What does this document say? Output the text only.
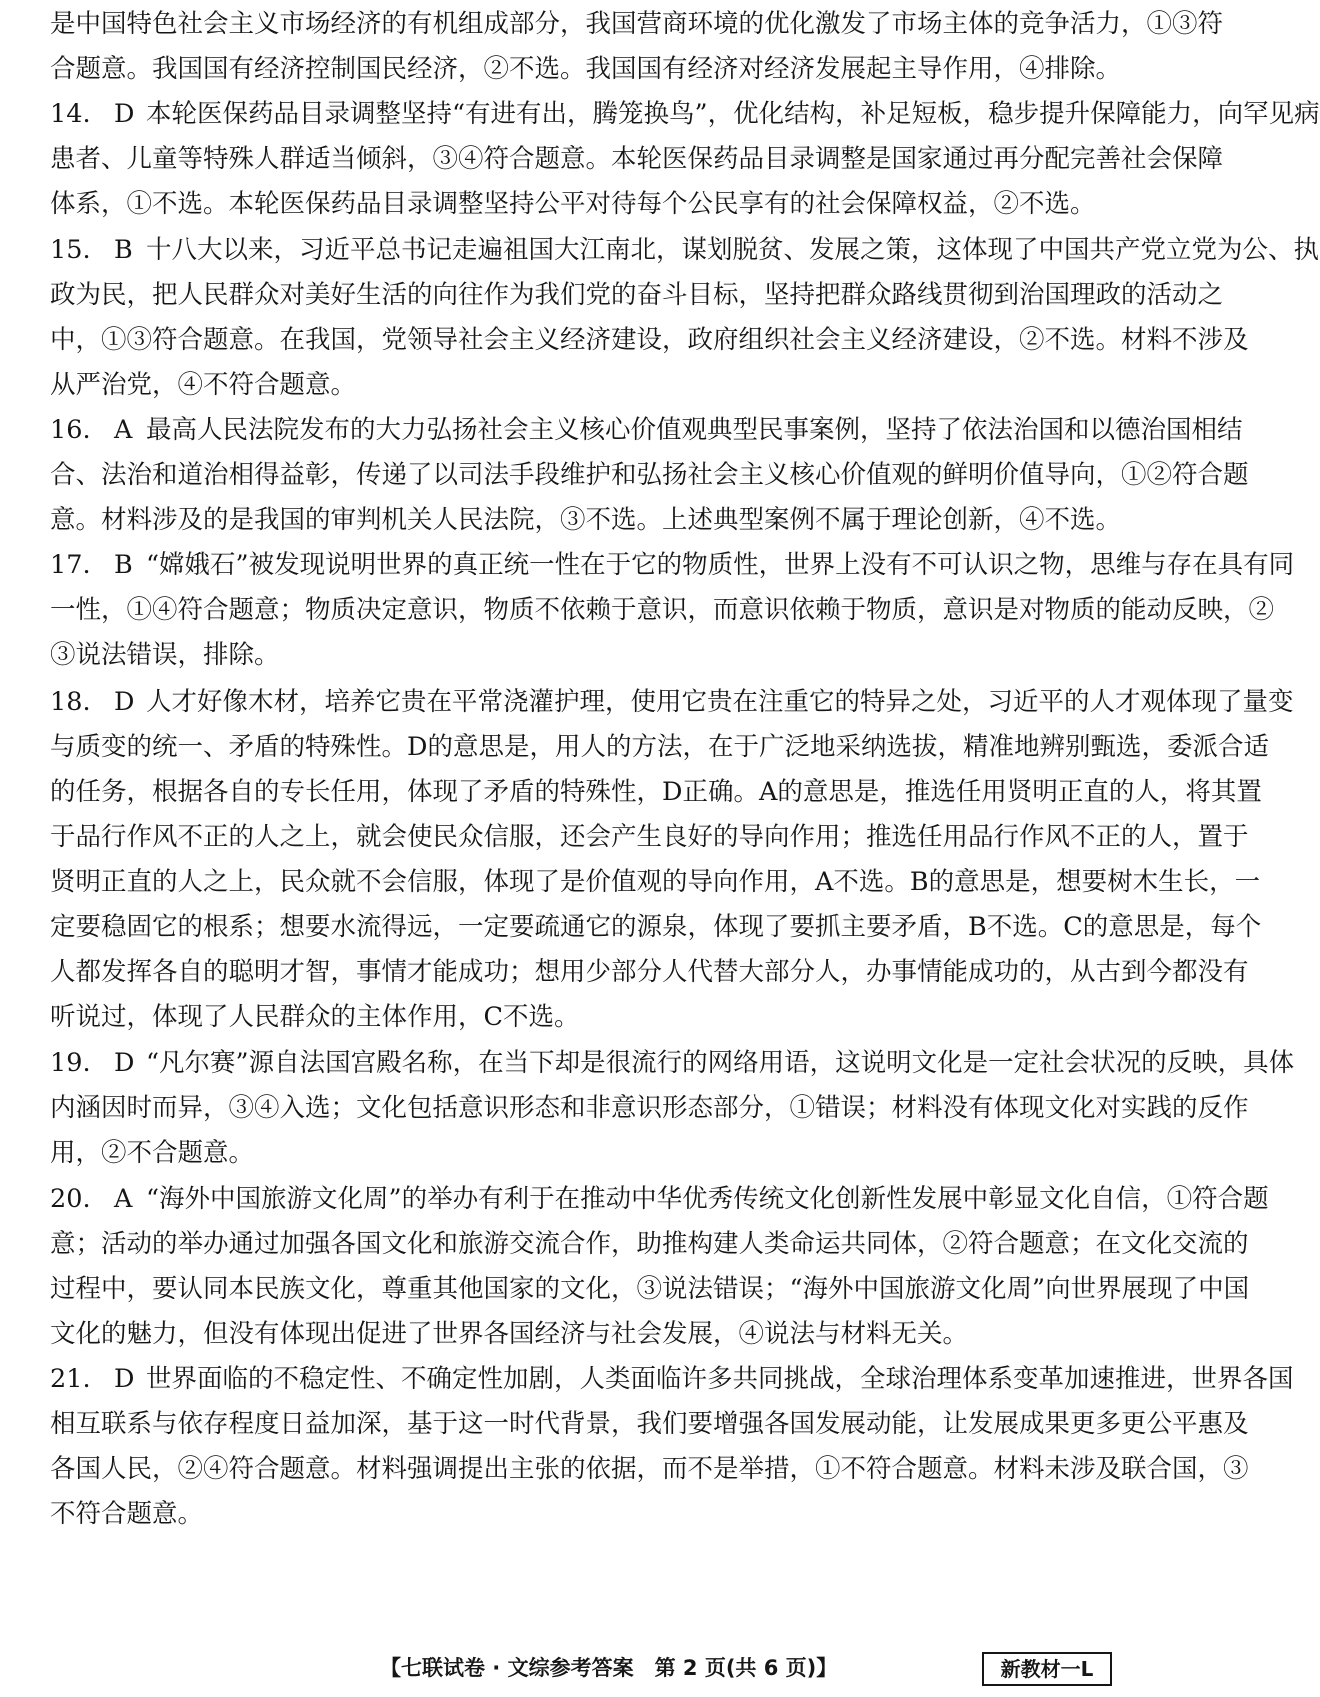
是中国特色社会主义市场经济的有机组成部分，我国营商环境的优化激发了市场主体的竞争活力，①③符
合题意。我国国有经济控制国民经济，②不选。我国国有经济对经济发展起主导作用，④排除。
14. D 本轮医保药品目录调整坚持“有进有出，腾笼换鸟”，优化结构，补足短板，稳步提升保障能力，向罕见病
患者、儿童等特殊人群适当倾斜，③④符合题意。本轮医保药品目录调整是国家通过再分配完善社会保障
体系，①不选。本轮医保药品目录调整坚持公平对待每个公民享有的社会保障权益，②不选。
15. B 十八大以来，习近平总书记走遍祖国大江南北，谋划脱贫、发展之策，这体现了中国共产党立党为公、执
政为民，把人民群众对美好生活的向往作为我们党的奋斗目标，坚持把群众路线贯彻到治国理政的活动之
中，①③符合题意。在我国，党领导社会主义经济建设，政府组织社会主义经济建设，②不选。材料不涉及
从严治党，④不符合题意。
16. A 最高人民法院发布的大力弘扬社会主义核心价值观典型民事案例，坚持了依法治国和以德治国相结
合、法治和道治相得益彰，传递了以司法手段维护和弘扬社会主义核心价值观的鲜明价值导向，①②符合题
意。材料涉及的是我国的审判机关人民法院，③不选。上述典型案例不属于理论创新，④不选。
17. B “嫦娥石”被发现说明世界的真正统一性在于它的物质性，世界上没有不可认识之物，思维与存在具有同
一性，①④符合题意；物质决定意识，物质不依赖于意识，而意识依赖于物质，意识是对物质的能动反映，②
③说法错误，排除。
18. D 人才好像木材，培养它贵在平常浇灌护理，使用它贵在注重它的特异之处，习近平的人才观体现了量变
与质变的统一、矛盾的特殊性。D的意思是，用人的方法，在于广泛地采纳选拔，精准地辨别甄选，委派合适
的任务，根据各自的专长任用，体现了矛盾的特殊性，D正确。A的意思是，推选任用贤明正直的人，将其置
于品行作风不正的人之上，就会使民众信服，还会产生良好的导向作用；推选任用品行作风不正的人，置于
贤明正直的人之上，民众就不会信服，体现了是价值观的导向作用，A不选。B的意思是，想要树木生长，一
定要稳固它的根系；想要水流得远，一定要疏通它的源泉，体现了要抓主要矛盾，B不选。C的意思是，每个
人都发挥各自的聪明才智，事情才能成功；想用少部分人代替大部分人，办事情能成功的，从古到今都没有
听说过，体现了人民群众的主体作用，C不选。
19. D “凡尔赛”源自法国宫殿名称，在当下却是很流行的网络用语，这说明文化是一定社会状况的反映，具体
内涵因时而异，③④入选；文化包括意识形态和非意识形态部分，①错误；材料没有体现文化对实践的反作
用，②不合题意。
20. A “海外中国旅游文化周”的举办有利于在推动中华优秀传统文化创新性发展中彰显文化自信，①符合题
意；活动的举办通过加强各国文化和旅游交流合作，助推构建人类命运共同体，②符合题意；在文化交流的
过程中，要认同本民族文化，尊重其他国家的文化，③说法错误；“海外中国旅游文化周”向世界展现了中国
文化的魅力，但没有体现出促进了世界各国经济与社会发展，④说法与材料无关。
21. D 世界面临的不稳定性、不确定性加剧，人类面临许多共同挑战，全球治理体系变革加速推进，世界各国
相互联系与依存程度日益加深，基于这一时代背景，我们要增强各国发展动能，让发展成果更多更公平惠及
各国人民，②④符合题意。材料强调提出主张的依据，而不是举措，①不符合题意。材料未涉及联合国，③
不符合题意。
【七联试卷 · 文综参考答案　第 2 页(共 6 页)】	新教材一L
